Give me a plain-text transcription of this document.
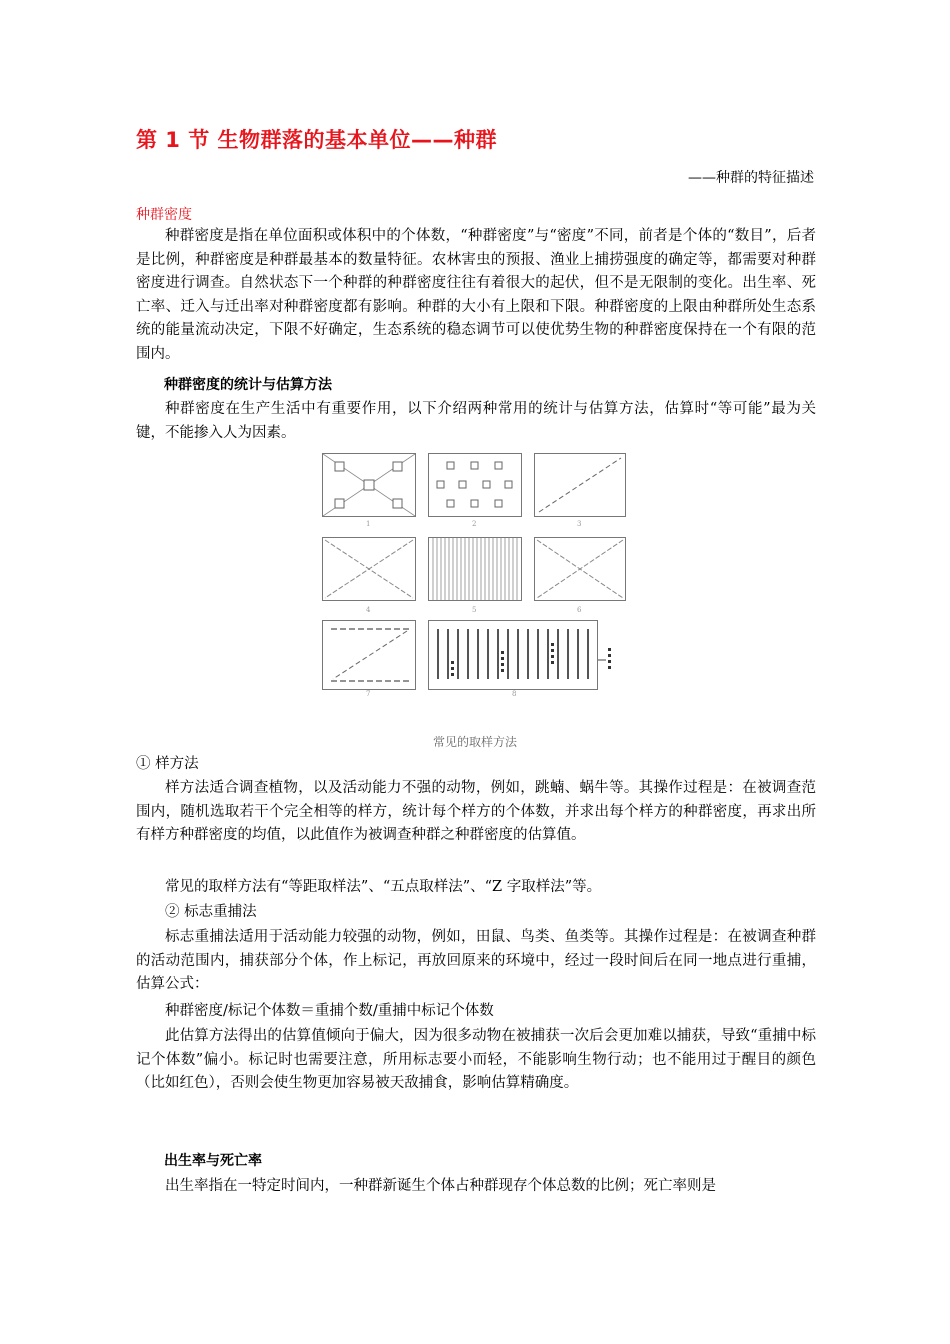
第 1 节 生物群落的基本单位——种群
——种群的特征描述
种群密度
种群密度是指在单位面积或体积中的个体数，“种群密度”与“密度”不同，前者是个体的“数目”，后者是比例，种群密度是种群最基本的数量特征。农林害虫的预报、渔业上捕捞强度的确定等，都需要对种群密度进行调查。自然状态下一个种群的种群密度往往有着很大的起伏，但不是无限制的变化。出生率、死亡率、迁入与迁出率对种群密度都有影响。种群的大小有上限和下限。种群密度的上限由种群所处生态系统的能量流动决定，下限不好确定，生态系统的稳态调节可以使优势生物的种群密度保持在一个有限的范围内。
种群密度的统计与估算方法
种群密度在生产生活中有重要作用，以下介绍两种常用的统计与估算方法，估算时“等可能”最为关键，不能掺入人为因素。
1	2	3
4	5	6
7	8
常见的取样方法
① 样方法
样方法适合调查植物，以及活动能力不强的动物，例如，跳蝻、蜗牛等。其操作过程是：在被调查范围内，随机选取若干个完全相等的样方，统计每个样方的个体数，并求出每个样方的种群密度，再求出所有样方种群密度的均值，以此值作为被调查种群之种群密度的估算值。
常见的取样方法有“等距取样法”、“五点取样法”、“Z 字取样法”等。
② 标志重捕法
标志重捕法适用于活动能力较强的动物，例如，田鼠、鸟类、鱼类等。其操作过程是：在被调查种群的活动范围内，捕获部分个体，作上标记，再放回原来的环境中，经过一段时间后在同一地点进行重捕，估算公式：
种群密度/标记个体数＝重捕个数/重捕中标记个体数
此估算方法得出的估算值倾向于偏大，因为很多动物在被捕获一次后会更加难以捕获，导致“重捕中标记个体数”偏小。标记时也需要注意，所用标志要小而轻，不能影响生物行动；也不能用过于醒目的颜色（比如红色），否则会使生物更加容易被天敌捕食，影响估算精确度。
出生率与死亡率
出生率指在一特定时间内，一种群新诞生个体占种群现存个体总数的比例；死亡率则是
